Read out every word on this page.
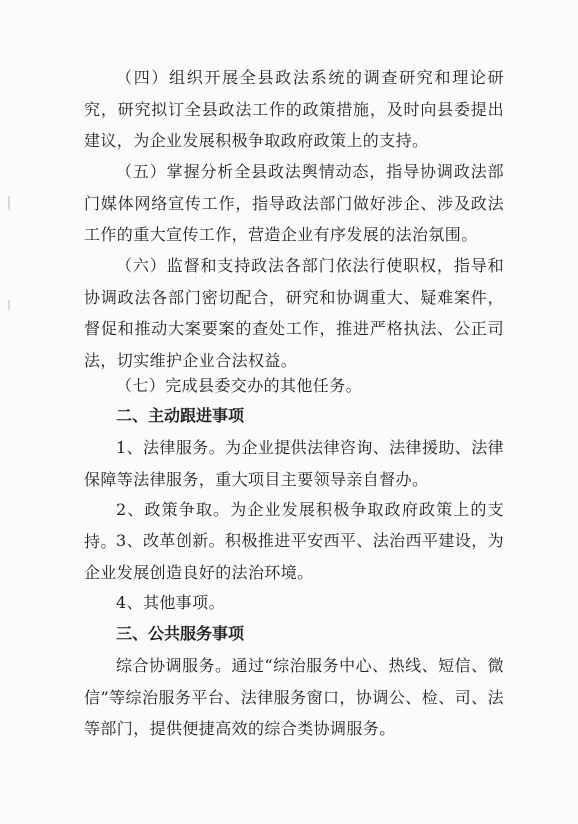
（四）组织开展全县政法系统的调查研究和理论研究，研究拟订全县政法工作的政策措施，及时向县委提出建议，为企业发展积极争取政府政策上的支持。

（五）掌握分析全县政法舆情动态，指导协调政法部门媒体网络宣传工作，指导政法部门做好涉企、涉及政法工作的重大宣传工作，营造企业有序发展的法治氛围。

（六）监督和支持政法各部门依法行使职权，指导和协调政法各部门密切配合，研究和协调重大、疑难案件，督促和推动大案要案的查处工作，推进严格执法、公正司法，切实维护企业合法权益。

（七）完成县委交办的其他任务。

二、主动跟进事项

1、法律服务。为企业提供法律咨询、法律援助、法律保障等法律服务，重大项目主要领导亲自督办。

2、政策争取。为企业发展积极争取政府政策上的支持。 3、改革创新。积极推进平安西平、法治西平建设，为企业发展创造良好的法治环境。

4、其他事项。

三、公共服务事项

综合协调服务。通过“综治服务中心、热线、短信、微信”等综治服务平台、法律服务窗口，协调公、检、司、法等部门，提供便捷高效的综合类协调服务。
